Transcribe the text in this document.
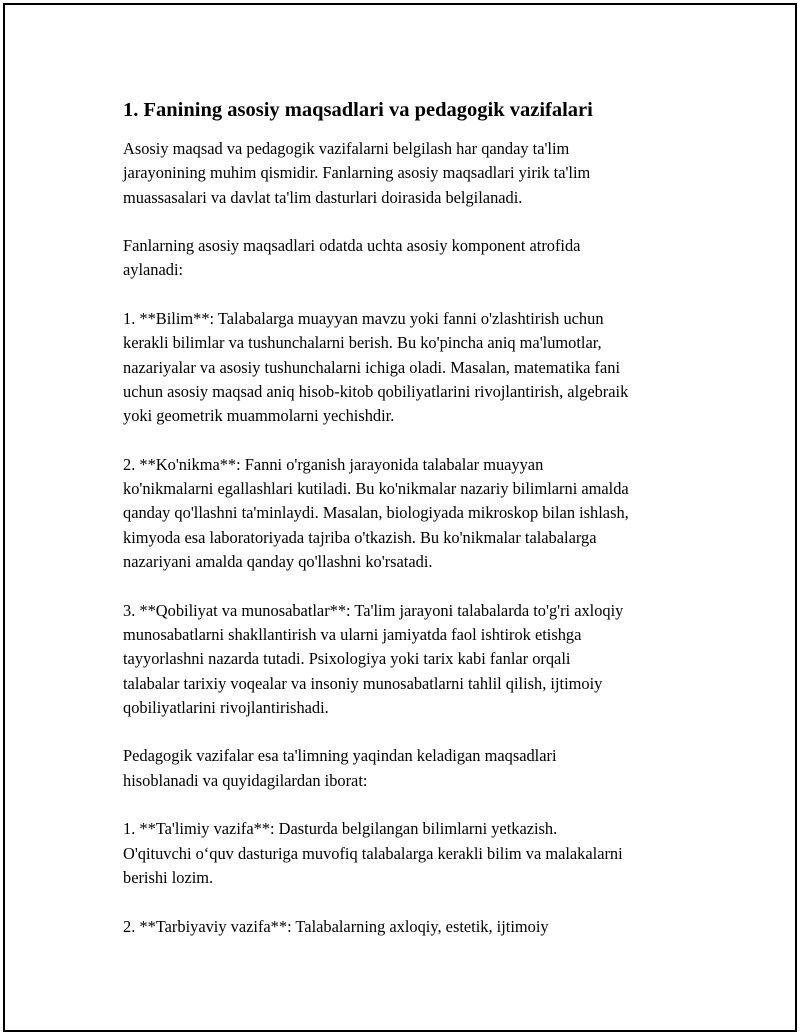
1. Fanining asosiy maqsadlari va pedagogik vazifalari

Asosiy maqsad va pedagogik vazifalarni belgilash har qanday ta'lim
jarayonining muhim qismidir. Fanlarning asosiy maqsadlari yirik ta'lim
muassasalari va davlat ta'lim dasturlari doirasida belgilanadi.

Fanlarning asosiy maqsadlari odatda uchta asosiy komponent atrofida
aylanadi:

1. **Bilim**: Talabalarga muayyan mavzu yoki fanni o'zlashtirish uchun
kerakli bilimlar va tushunchalarni berish. Bu ko'pincha aniq ma'lumotlar,
nazariyalar va asosiy tushunchalarni ichiga oladi. Masalan, matematika fani
uchun asosiy maqsad aniq hisob-kitob qobiliyatlarini rivojlantirish, algebraik
yoki geometrik muammolarni yechishdir.

2. **Ko'nikma**: Fanni o'rganish jarayonida talabalar muayyan
ko'nikmalarni egallashlari kutiladi. Bu ko'nikmalar nazariy bilimlarni amalda
qanday qo'llashni ta'minlaydi. Masalan, biologiyada mikroskop bilan ishlash,
kimyoda esa laboratoriyada tajriba o'tkazish. Bu ko'nikmalar talabalarga
nazariyani amalda qanday qo'llashni ko'rsatadi.

3. **Qobiliyat va munosabatlar**: Ta'lim jarayoni talabalarda to'g'ri axloqiy
munosabatlarni shakllantirish va ularni jamiyatda faol ishtirok etishga
tayyorlashni nazarda tutadi. Psixologiya yoki tarix kabi fanlar orqali
talabalar tarixiy voqealar va insoniy munosabatlarni tahlil qilish, ijtimoiy
qobiliyatlarini rivojlantirishadi.

Pedagogik vazifalar esa ta'limning yaqindan keladigan maqsadlari
hisoblanadi va quyidagilardan iborat:

1. **Ta'limiy vazifa**: Dasturda belgilangan bilimlarni yetkazish.
O'qituvchi o‘quv dasturiga muvofiq talabalarga kerakli bilim va malakalarni
berishi lozim.

2. **Tarbiyaviy vazifa**: Talabalarning axloqiy, estetik, ijtimoiy
